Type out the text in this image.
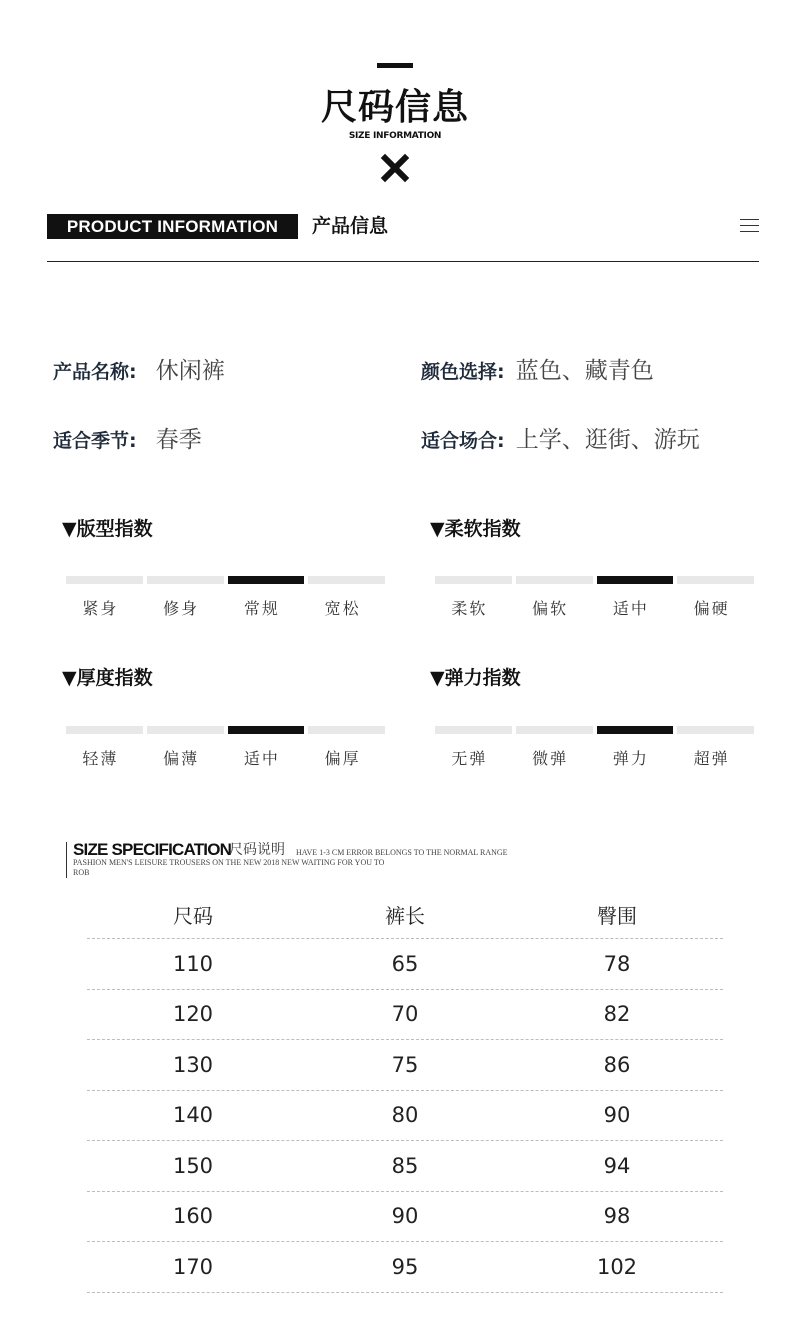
尺码信息
SIZE INFORMATION
PRODUCT INFORMATION	产品信息
产品名称: 休闲裤	颜色选择: 蓝色、藏青色
适合季节: 春季	适合场合: 上学、逛街、游玩
▼版型指数
紧身	修身	常规	宽松
▼柔软指数
柔软	偏软	适中	偏硬
▼厚度指数
轻薄	偏薄	适中	偏厚
▼弹力指数
无弹	微弹	弹力	超弹
SIZE SPECIFICATION
尺码说明 HAVE 1-3 CM ERROR BELONGS TO THE NORMAL RANGE
PASHION MEN'S LEISURE TROUSERS ON THE NEW 2018 NEW WAITING FOR YOU TO ROB
尺码	裤长	臀围
110	65	78
120	70	82
130	75	86
140	80	90
150	85	94
160	90	98
170	95	102
